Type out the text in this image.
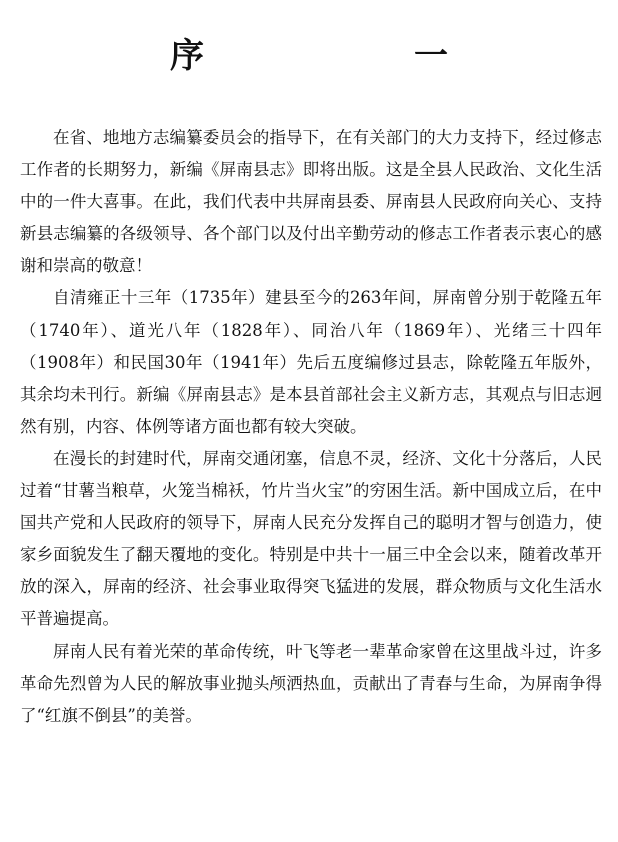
序　一

在省、地地方志编纂委员会的指导下，在有关部门的大力支持下，经过修志工作者的长期努力，新编《屏南县志》即将出版。这是全县人民政治、文化生活中的一件大喜事。在此，我们代表中共屏南县委、屏南县人民政府向关心、支持新县志编纂的各级领导、各个部门以及付出辛勤劳动的修志工作者表示衷心的感谢和崇高的敬意！

自清雍正十三年（1735年）建县至今的263年间，屏南曾分别于乾隆五年（1740年）、道光八年（1828年）、同治八年（1869年）、光绪三十四年（1908年）和民国30年（1941年）先后五度编修过县志，除乾隆五年版外，其余均未刊行。新编《屏南县志》是本县首部社会主义新方志，其观点与旧志迥然有别，内容、体例等诸方面也都有较大突破。

在漫长的封建时代，屏南交通闭塞，信息不灵，经济、文化十分落后，人民过着“甘薯当粮草，火笼当棉袄，竹片当火宝”的穷困生活。新中国成立后，在中国共产党和人民政府的领导下，屏南人民充分发挥自己的聪明才智与创造力，使家乡面貌发生了翻天覆地的变化。特别是中共十一届三中全会以来，随着改革开放的深入，屏南的经济、社会事业取得突飞猛进的发展，群众物质与文化生活水平普遍提高。

屏南人民有着光荣的革命传统，叶飞等老一辈革命家曾在这里战斗过，许多革命先烈曾为人民的解放事业抛头颅洒热血，贡献出了青春与生命，为屏南争得了“红旗不倒县”的美誉。
